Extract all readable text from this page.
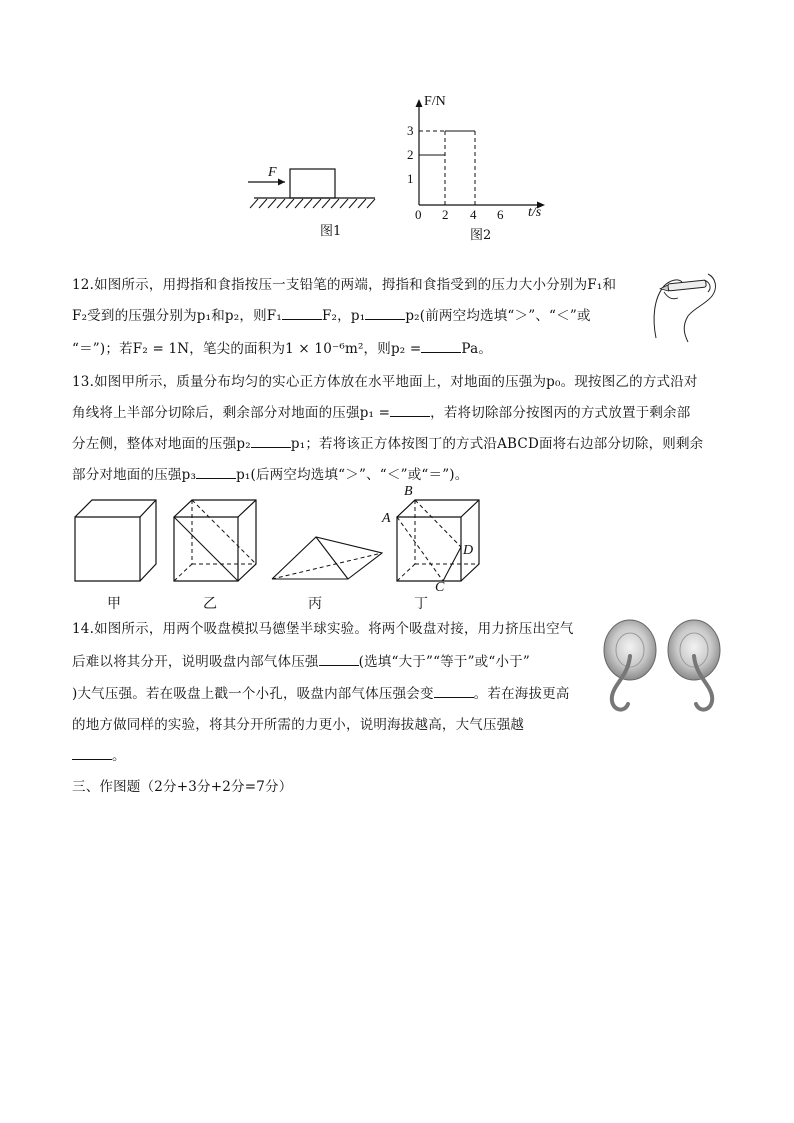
F
图1
F/N
3
2
1
0 2 4 6 t/s
图2
12.如图所示，用拇指和食指按压一支铅笔的两端，拇指和食指受到的压力大小分别为F₁和
F₂受到的压强分别为p₁和p₂，则F₁	F₂，p₁	p₂(前两空均选填“＞”、“＜”或
“＝”)；若F₂ = 1N，笔尖的面积为1 × 10⁻⁶m²，则p₂ =	Pa。
13.如图甲所示，质量分布均匀的实心正方体放在水平地面上，对地面的压强为p₀。现按图乙的方式沿对
角线将上半部分切除后，剩余部分对地面的压强p₁ =	，若将切除部分按图丙的方式放置于剩余部
分左侧，整体对地面的压强p₂	p₁；若将该正方体按图丁的方式沿ABCD面将右边部分切除，则剩余
部分对地面的压强p₃	p₁(后两空均选填“＞”、“＜”或“＝”)。
B
A
D
C
甲	乙	丙	丁
14.如图所示，用两个吸盘模拟马德堡半球实验。将两个吸盘对接，用力挤压出空气
后难以将其分开，说明吸盘内部气体压强	(选填“大于”“等于”或“小于”
)大气压强。若在吸盘上戳一个小孔，吸盘内部气体压强会变	。若在海拔更高
的地方做同样的实验，将其分开所需的力更小，说明海拔越高，大气压强越
。
三、作图题（2分+3分+2分=7分）
